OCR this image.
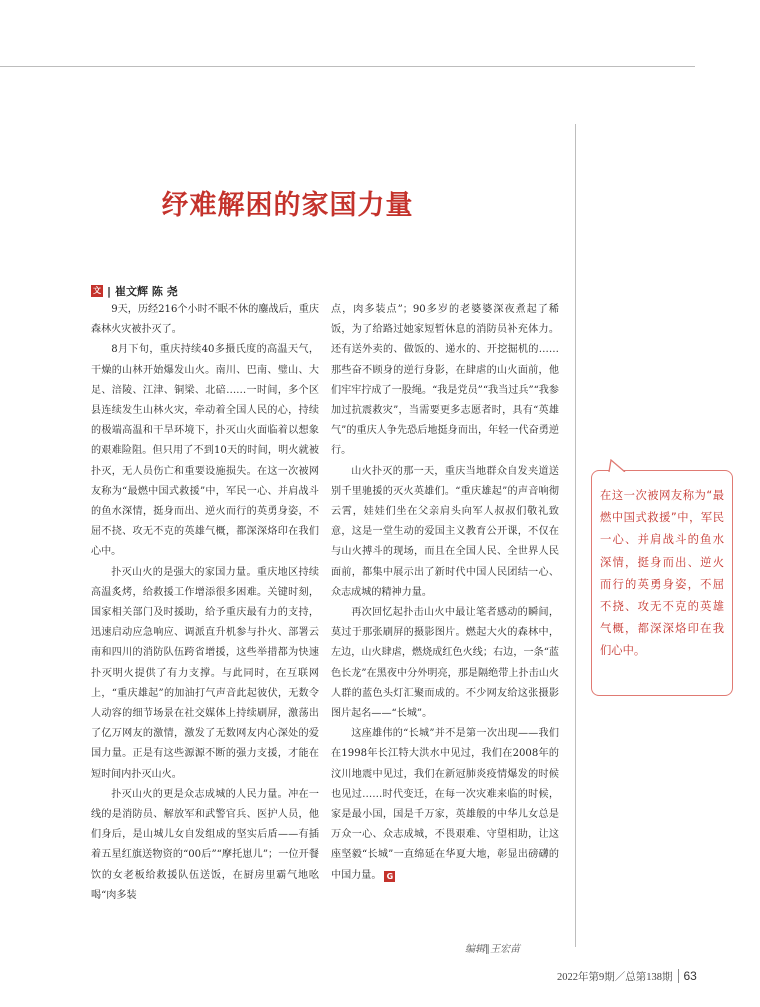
纾难解困的家国力量
文 | 崔文辉 陈 尧

9天，历经216个小时不眠不休的鏖战后，重庆森林火灾被扑灭了。

8月下旬，重庆持续40多摄氏度的高温天气，干燥的山林开始爆发山火。南川、巴南、璧山、大足、涪陵、江津、铜梁、北碚……一时间，多个区县连续发生山林火灾，牵动着全国人民的心，持续的极端高温和干旱环境下，扑灭山火面临着以想象的艰难险阻。但只用了不到10天的时间，明火就被扑灭，无人员伤亡和重要设施损失。在这一次被网友称为“最燃中国式救援”中，军民一心、并肩战斗的鱼水深情，挺身而出、逆火而行的英勇身姿，不屈不挠、攻无不克的英雄气概，都深深烙印在我们心中。

扑灭山火的是强大的家国力量。重庆地区持续高温炙烤，给救援工作增添很多困难。关键时刻，国家相关部门及时援助，给予重庆最有力的支持，迅速启动应急响应、调派直升机参与扑火、部署云南和四川的消防队伍跨省增援，这些举措都为快速扑灭明火提供了有力支撑。与此同时，在互联网上，“重庆雄起”的加油打气声音此起彼伏，无数令人动容的细节场景在社交媒体上持续刷屏，激荡出了亿万网友的激情，激发了无数网友内心深处的爱国力量。正是有这些源源不断的强力支援，才能在短时间内扑灭山火。

扑灭山火的更是众志成城的人民力量。冲在一线的是消防员、解放军和武警官兵、医护人员，他们身后，是山城儿女自发组成的坚实后盾——有插着五星红旗送物资的“00后”“摩托崽儿”；一位开餐饮的女老板给救援队伍送饭，在厨房里霸气地吆喝“肉多装

点，肉多装点”；90多岁的老婆婆深夜煮起了稀饭，为了给路过她家短暂休息的消防员补充体力。还有送外卖的、做饭的、递水的、开挖掘机的……那些奋不顾身的逆行身影，在肆虐的山火面前，他们牢牢拧成了一股绳。“我是党员”“我当过兵”“我参加过抗震救灾”，当需要更多志愿者时，具有“英雄气”的重庆人争先恐后地挺身而出，年轻一代奋勇逆行。

山火扑灭的那一天，重庆当地群众自发夹道送别千里驰援的灭火英雄们。“重庆雄起”的声音响彻云霄，娃娃们坐在父亲肩头向军人叔叔们敬礼致意，这是一堂生动的爱国主义教育公开课，不仅在与山火搏斗的现场，而且在全国人民、全世界人民面前，都集中展示出了新时代中国人民团结一心、众志成城的精神力量。

再次回忆起扑击山火中最让笔者感动的瞬间，莫过于那张刷屏的摄影图片。燃起大火的森林中，左边，山火肆虐，燃烧成红色火线；右边，一条“蓝色长龙”在黑夜中分外明亮，那是隔绝带上扑击山火人群的蓝色头灯汇聚而成的。不少网友给这张摄影图片起名——“长城”。

这座雄伟的“长城”并不是第一次出现——我们在1998年长江特大洪水中见过，我们在2008年的汶川地震中见过，我们在新冠肺炎疫情爆发的时候也见过……时代变迁，在每一次灾难来临的时候，家是最小国，国是千万家，英雄般的中华儿女总是万众一心、众志成城，不畏艰难、守望相助，让这座坚毅“长城”一直绵延在华夏大地，彰显出磅礴的中国力量。 G

在这一次被网友称为“最燃中国式救援”中，军民一心、并肩战斗的鱼水深情，挺身而出、逆火而行的英勇身姿，不屈不挠、攻无不克的英雄气概，都深深烙印在我们心中。
编辑∥王宏苗
2022年第9期／总第138期 63
